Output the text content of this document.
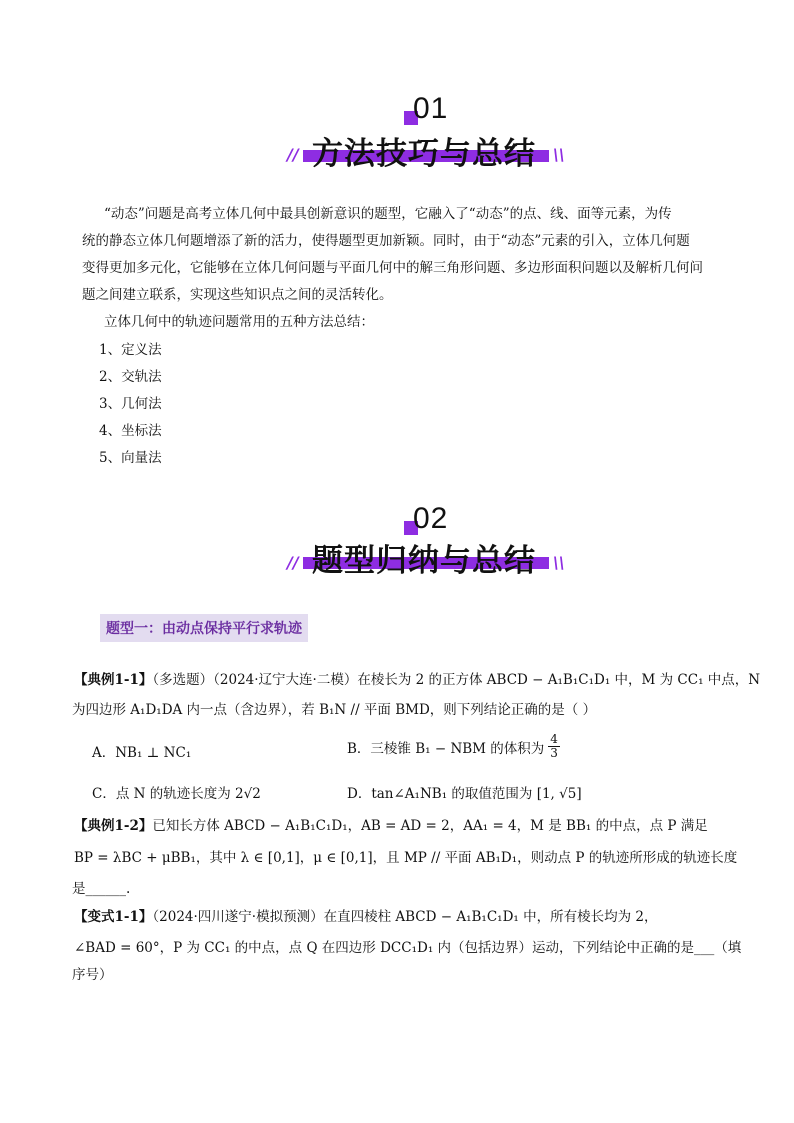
01
// 方法技巧与总结 \\
“动态”问题是高考立体几何中最具创新意识的题型，它融入了“动态”的点、线、面等元素，为传
统的静态立体几何题增添了新的活力，使得题型更加新颖。同时，由于“动态”元素的引入，立体几何题
变得更加多元化，它能够在立体几何问题与平面几何中的解三角形问题、多边形面积问题以及解析几何问
题之间建立联系，实现这些知识点之间的灵活转化。
立体几何中的轨迹问题常用的五种方法总结：
1、定义法
2、交轨法
3、几何法
4、坐标法
5、向量法
02
// 题型归纳与总结 \\
题型一：由动点保持平行求轨迹
【典例1-1】（多选题）（2024·辽宁大连·二模）在棱长为 2 的正方体 ABCD − A₁B₁C₁D₁ 中，M 为 CC₁ 中点，N
为四边形 A₁D₁DA 内一点（含边界），若 B₁N // 平面 BMD，则下列结论正确的是（ ）
A．NB₁ ⊥ NC₁	B．三棱锥 B₁ − NBM 的体积为 $\frac{4}{3}$
C．点 N 的轨迹长度为 2√2	D．tan∠A₁NB₁ 的取值范围为 [1, √5]
【典例1-2】已知长方体 ABCD − A₁B₁C₁D₁，AB = AD = 2，AA₁ = 4，M 是 BB₁ 的中点，点 P 满足
BP = λBC + μBB₁，其中 λ ∈ [0,1]，μ ∈ [0,1]，且 MP // 平面 AB₁D₁，则动点 P 的轨迹所形成的轨迹长度
是______.
【变式1-1】（2024·四川遂宁·模拟预测）在直四棱柱 ABCD − A₁B₁C₁D₁ 中，所有棱长均为 2，
∠BAD = 60°，P 为 CC₁ 的中点，点 Q 在四边形 DCC₁D₁ 内（包括边界）运动，下列结论中正确的是___（填
序号）
